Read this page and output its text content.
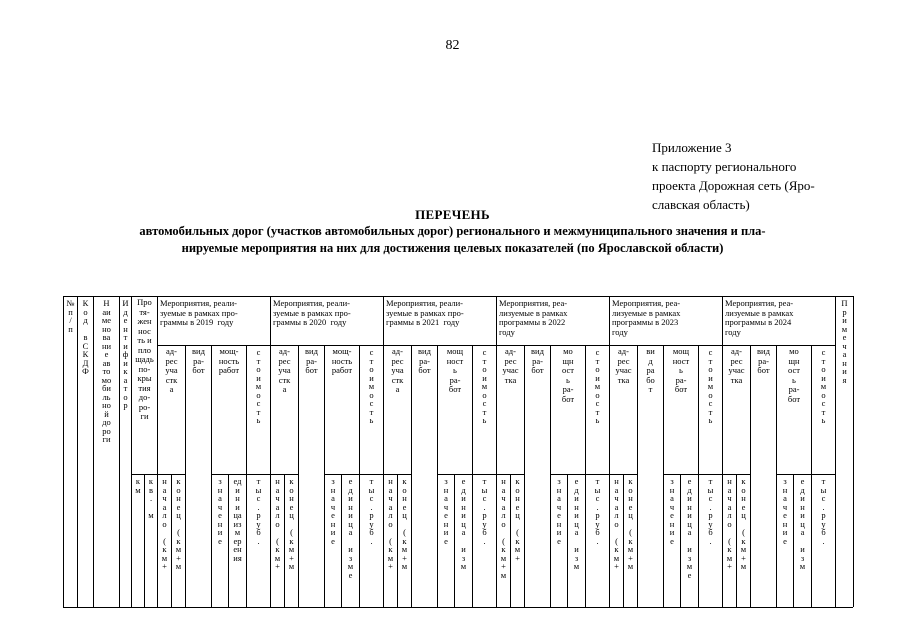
82
Приложение 3
к паспорту регионального
проекта Дорожная сеть (Яро-
славская область)
ПЕРЕЧЕНЬ
автомобильных дорог (участков автомобильных дорог) регионального и межмуниципального значения и пла-
нируемые мероприятия на них для достижения целевых показателей (по Ярославской области)
№
п
/
п
К
о
д

в
С
К
Д
Ф
Н
аи
ме
но
ва
ни
е
ав
то
мо
би
ль
но
й
до
ро
ги
И
д
е
н
т
и
ф
и
к
а
т
о
р
Про
тя-
жен
нос
ть и
пло
щадь
по-
кры
тия
до-
ро-
ги
к
м
к
в
.

м
Мероприятия, реали-
зуемые в рамках про-
граммы в 2019  году
ад-
рес
уча
стк
а
вид
ра-
бот
мощ-
ность
работ
с
т
о
и
м
о
с
т
ь
н
а
ч
а
л
о

(
к
м
+
к
о
н
е
ц

(
к
м
+
м
з
н
а
ч
е
н
и
е
ед
и
н
и
ца
из
м
ер
ен
ия
т
ы
с
.
р
у
б
.
Мероприятия, реали-
зуемые в рамках про-
граммы в 2020  году
ад-
рес
уча
стк
а
вид
ра-
бот
мощ-
ность
работ
с
т
о
и
м
о
с
т
ь
н
а
ч
а
л
о

(
к
м
+
к
о
н
е
ц

(
к
м
+
м
з
н
а
ч
е
н
и
е
е
д
и
н
и
ц
а

и
з
м
е
т
ы
с
.
р
у
б
.
Мероприятия, реали-
зуемые в рамках про-
граммы в 2021  году
ад-
рес
уча
стк
а
вид
ра-
бот
мощ
ност
ь
ра-
бот
с
т
о
и
м
о
с
т
ь
н
а
ч
а
л
о

(
к
м
+
к
о
н
е
ц

(
к
м
+
м
з
н
а
ч
е
н
и
е
е
д
и
н
и
ц
а

и
з
м
т
ы
с
.
р
у
б
.
Мероприятия, реа-
лизуемые в рамках
программы в 2022
году
ад-
рес
учас
тка
вид
ра-
бот
мо
щн
ост
ь
ра-
бот
с
т
о
и
м
о
с
т
ь
н
а
ч
а
л
о

(
к
м
+
м
к
о
н
е
ц

(
к
м
+
з
н
а
ч
е
н
и
е
е
д
и
н
и
ц
а

и
з
м
т
ы
с
.
р
у
б
.
Мероприятия, реа-
лизуемые в рамках
программы в 2023
году
ад-
рес
учас
тка
ви
д
ра
бо
т
мощ
ност
ь
ра-
бот
с
т
о
и
м
о
с
т
ь
н
а
ч
а
л
о

(
к
м
+
к
о
н
е
ц

(
к
м
+
м
з
н
а
ч
е
н
и
е
е
д
и
н
и
ц
а

и
з
м
е
т
ы
с
.
р
у
б
.
Мероприятия, реа-
лизуемые в рамках
программы в 2024
году
ад-
рес
учас
тка
вид
ра-
бот
мо
щн
ост
ь
ра-
бот
с
т
о
и
м
о
с
т
ь
н
а
ч
а
л
о

(
к
м
+
к
о
н
е
ц

(
к
м
+
м
з
н
а
ч
е
н
и
е
е
д
и
н
и
ц
а

и
з
м
т
ы
с
.
р
у
б
.
П
р
и
м
е
ч
а
н
и
я
